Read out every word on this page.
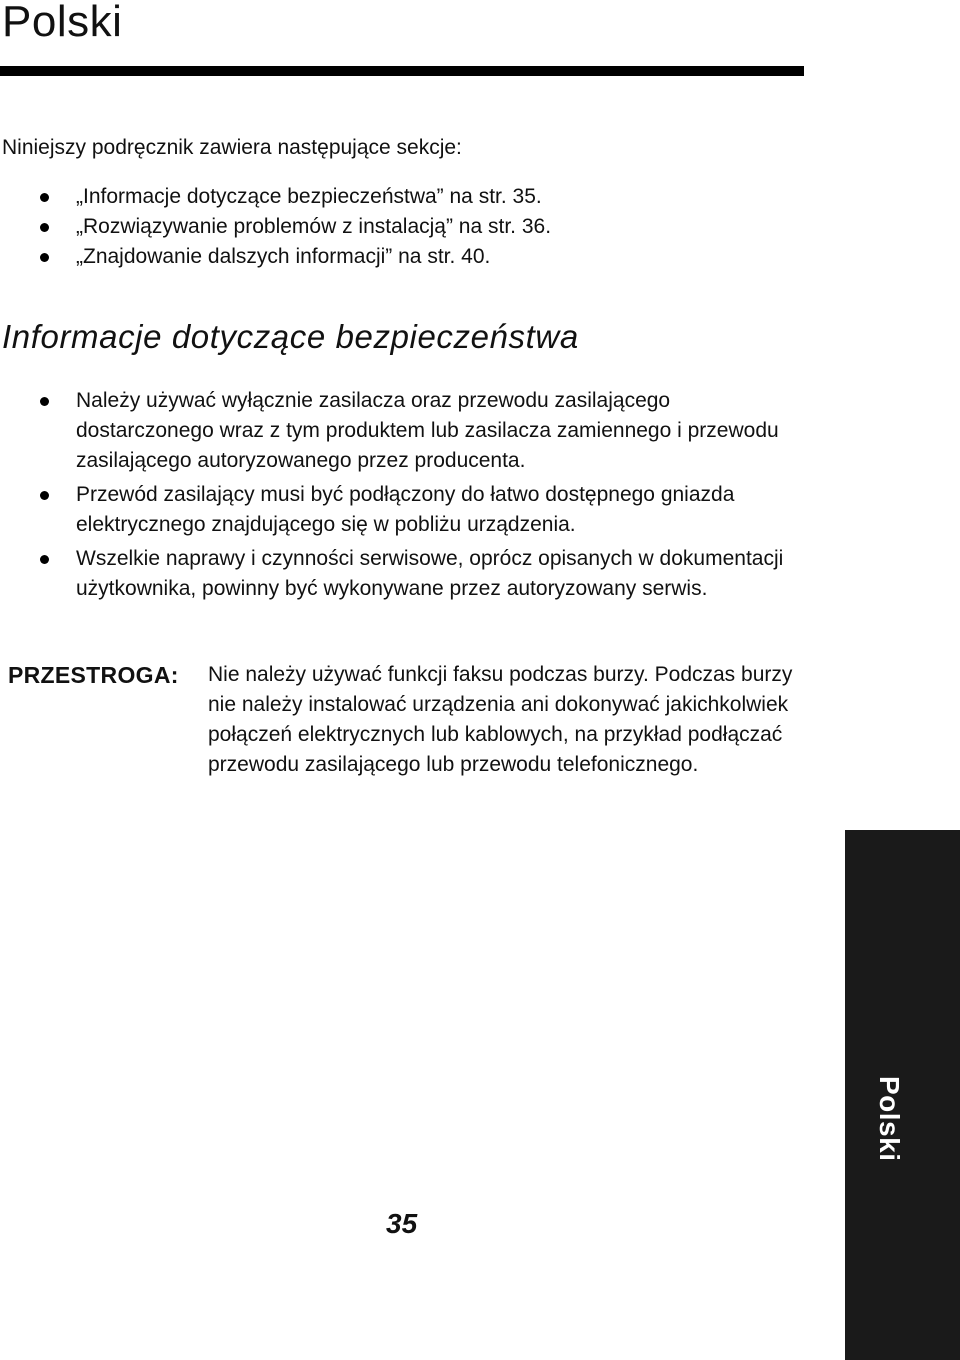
Polski

Niniejszy podręcznik zawiera następujące sekcje:

„Informacje dotyczące bezpieczeństwa” na str. 35.
„Rozwiązywanie problemów z instalacją” na str. 36.
„Znajdowanie dalszych informacji” na str. 40.
Informacje dotyczące bezpieczeństwa
Należy używać wyłącznie zasilacza oraz przewodu zasilającego dostarczonego wraz z tym produktem lub zasilacza zamiennego i przewodu zasilającego autoryzowanego przez producenta.
Przewód zasilający musi być podłączony do łatwo dostępnego gniazda elektrycznego znajdującego się w pobliżu urządzenia.
Wszelkie naprawy i czynności serwisowe, oprócz opisanych w dokumentacji użytkownika, powinny być wykonywane przez autoryzowany serwis.
PRZESTROGA: Nie należy używać funkcji faksu podczas burzy. Podczas burzy nie należy instalować urządzenia ani dokonywać jakichkolwiek połączeń elektrycznych lub kablowych, na przykład podłączać przewodu zasilającego lub przewodu telefonicznego.

Polski
35
